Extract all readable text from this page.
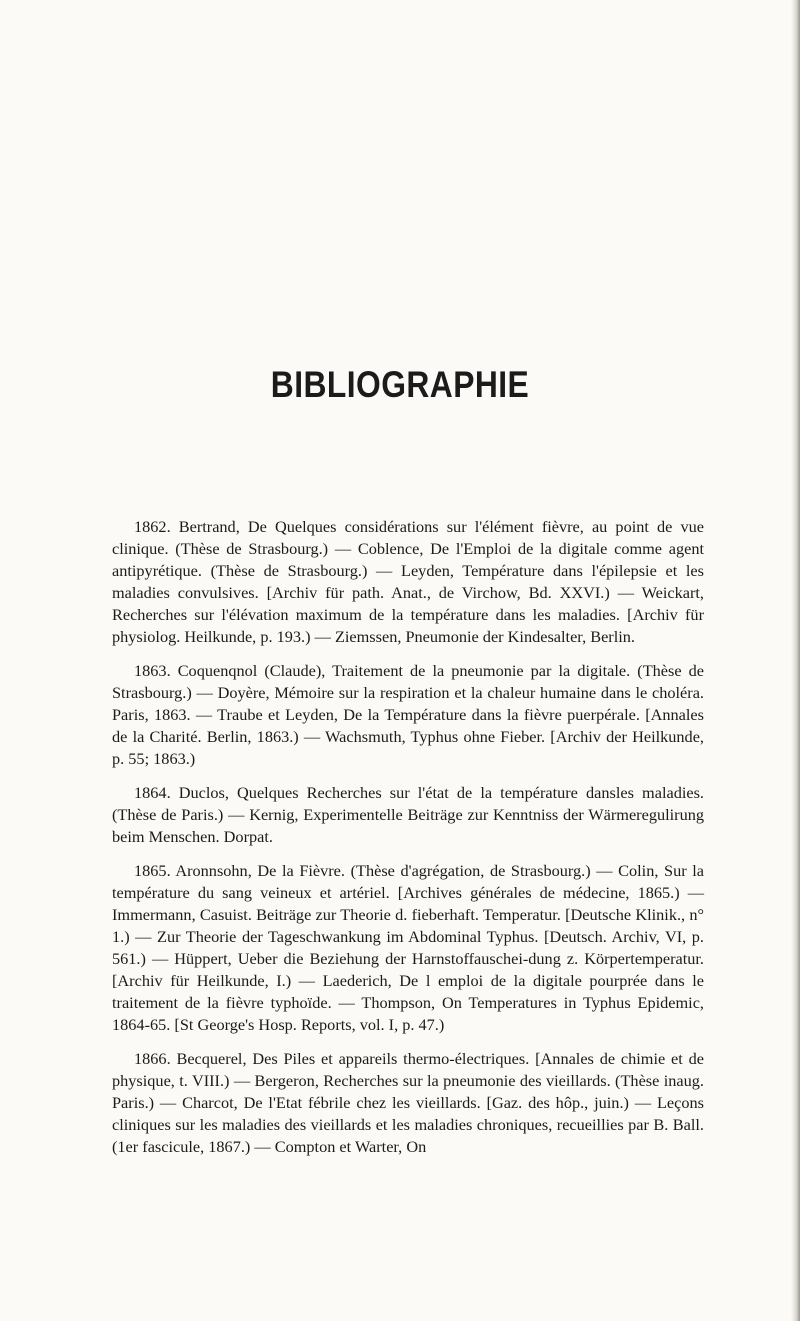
BIBLIOGRAPHIE

1862. Bertrand, De Quelques considérations sur l'élément fièvre, au point de vue clinique. (Thèse de Strasbourg.) — Coblence, De l'Emploi de la digitale comme agent antipyrétique. (Thèse de Strasbourg.) — Leyden, Température dans l'épilepsie et les maladies convulsives. [Archiv für path. Anat., de Virchow, Bd. XXVI.) — Weickart, Recherches sur l'élévation maximum de la température dans les maladies. [Archiv für physiolog. Heilkunde, p. 193.) — Ziemssen, Pneumonie der Kindesalter, Berlin.

1863. Coquenqnol (Claude), Traitement de la pneumonie par la digitale. (Thèse de Strasbourg.) — Doyère, Mémoire sur la respiration et la chaleur humaine dans le choléra. Paris, 1863. — Traube et Leyden, De la Température dans la fièvre puerpérale. [Annales de la Charité. Berlin, 1863.) — Wachsmuth, Typhus ohne Fieber. [Archiv der Heilkunde, p. 55; 1863.)

1864. Duclos, Quelques Recherches sur l'état de la température dansles maladies. (Thèse de Paris.) — Kernig, Experimentelle Beiträge zur Kenntniss der Wärmeregulirung beim Menschen. Dorpat.

1865. Aronnsohn, De la Fièvre. (Thèse d'agrégation, de Strasbourg.) — Colin, Sur la température du sang veineux et artériel. [Archives générales de médecine, 1865.) — Immermann, Casuist. Beiträge zur Theorie d. fieberhaft. Temperatur. [Deutsche Klinik., n° 1.) — Zur Theorie der Tageschwankung im Abdominal Typhus. [Deutsch. Archiv, VI, p. 561.) — Hüppert, Ueber die Beziehung der Harnstoffauschei-dung z. Körpertemperatur. [Archiv für Heilkunde, I.) — Laederich, De l emploi de la digitale pourprée dans le traitement de la fièvre typhoïde. — Thompson, On Temperatures in Typhus Epidemic, 1864-65. [St George's Hosp. Reports, vol. I, p. 47.)

1866. Becquerel, Des Piles et appareils thermo-électriques. [Annales de chimie et de physique, t. VIII.) — Bergeron, Recherches sur la pneumonie des vieillards. (Thèse inaug. Paris.) — Charcot, De l'Etat fébrile chez les vieillards. [Gaz. des hôp., juin.) — Leçons cliniques sur les maladies des vieillards et les maladies chroniques, recueillies par B. Ball. (1er fascicule, 1867.) — Compton et Warter, On
